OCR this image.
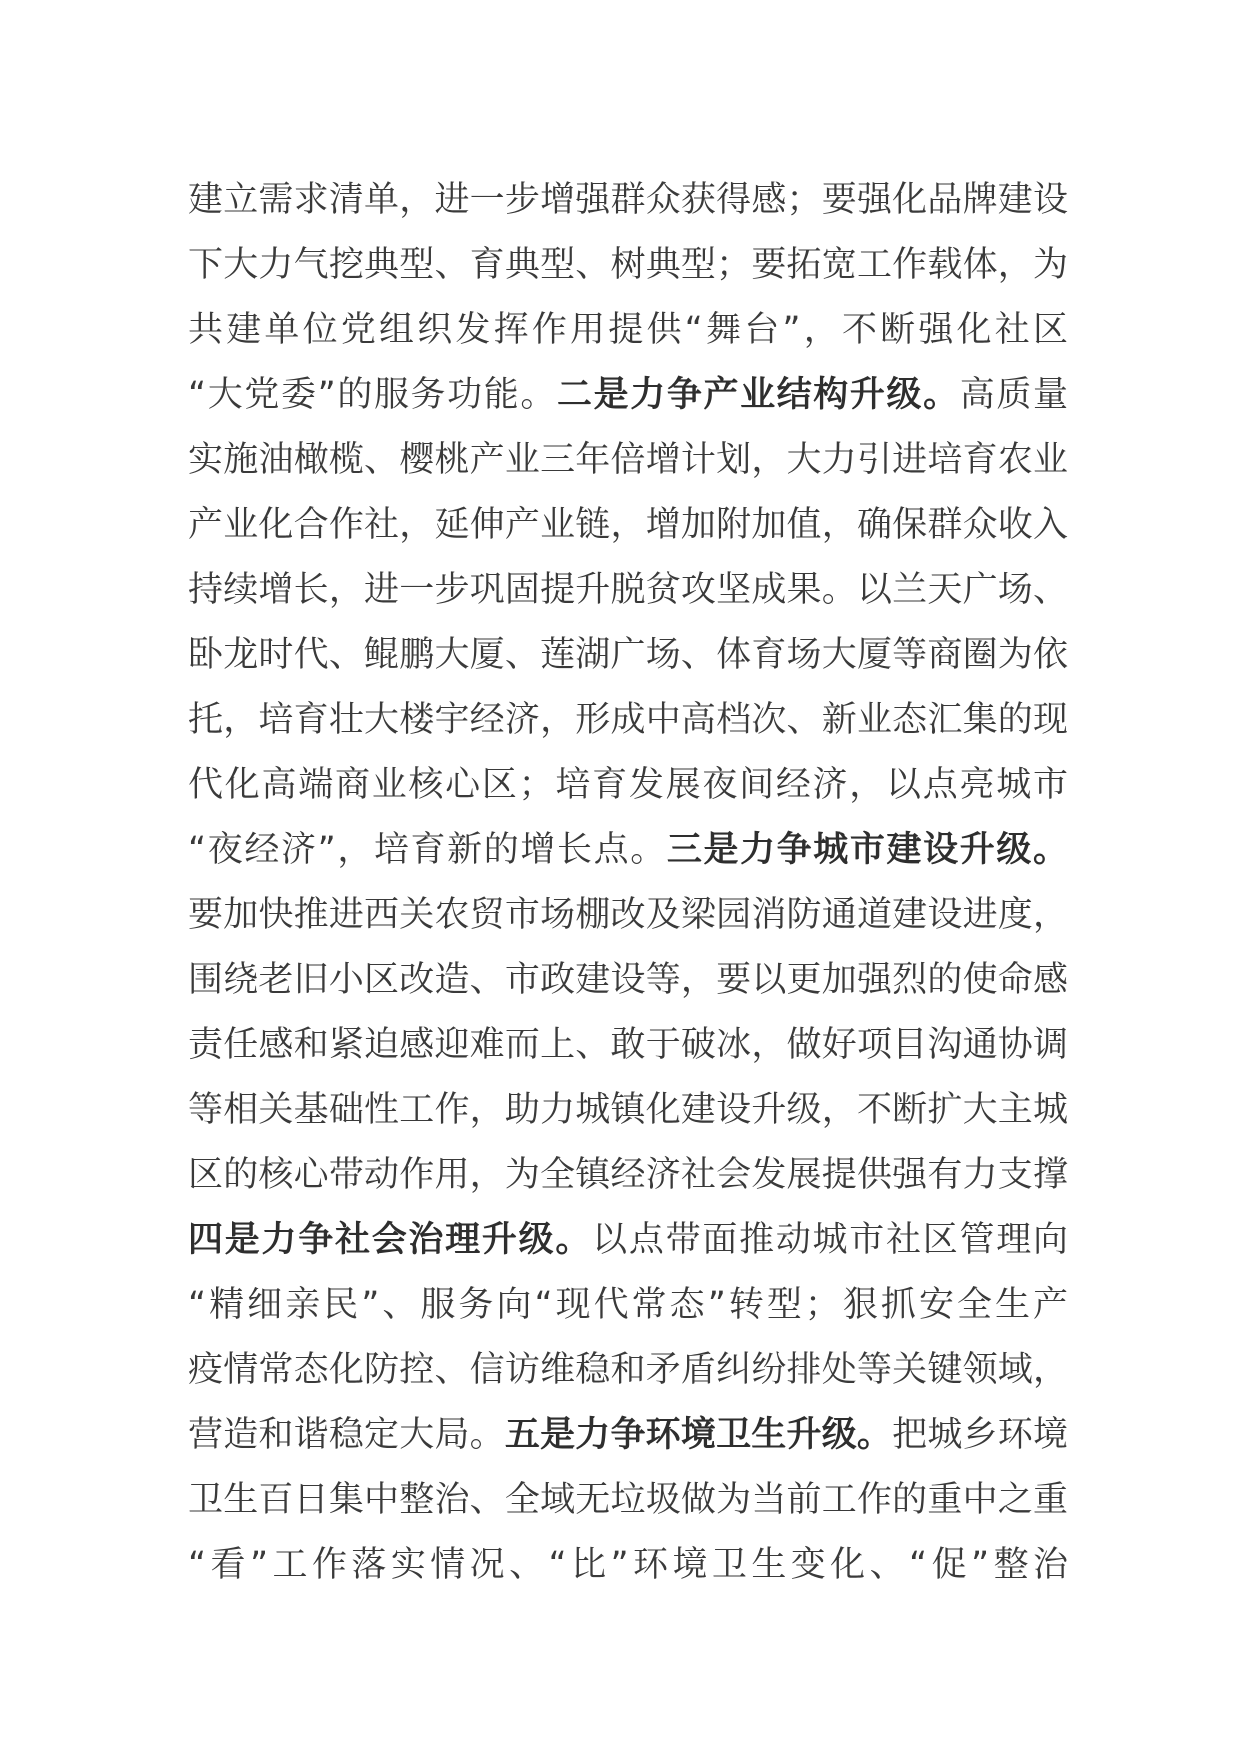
建立需求清单，进一步增强群众获得感；要强化品牌建设
下大力气挖典型、育典型、树典型；要拓宽工作载体，为
共建单位党组织发挥作用提供“舞台”，不断强化社区
“大党委”的服务功能。二是力争产业结构升级。高质量
实施油橄榄、樱桃产业三年倍增计划，大力引进培育农业
产业化合作社，延伸产业链，增加附加值，确保群众收入
持续增长，进一步巩固提升脱贫攻坚成果。以兰天广场、
卧龙时代、鲲鹏大厦、莲湖广场、体育场大厦等商圈为依
托，培育壮大楼宇经济，形成中高档次、新业态汇集的现
代化高端商业核心区；培育发展夜间经济，以点亮城市
“夜经济”，培育新的增长点。三是力争城市建设升级。
要加快推进西关农贸市场棚改及梁园消防通道建设进度，
围绕老旧小区改造、市政建设等，要以更加强烈的使命感
责任感和紧迫感迎难而上、敢于破冰，做好项目沟通协调
等相关基础性工作，助力城镇化建设升级，不断扩大主城
区的核心带动作用，为全镇经济社会发展提供强有力支撑
四是力争社会治理升级。以点带面推动城市社区管理向
“精细亲民”、服务向“现代常态”转型；狠抓安全生产
疫情常态化防控、信访维稳和矛盾纠纷排处等关键领域，
营造和谐稳定大局。五是力争环境卫生升级。把城乡环境
卫生百日集中整治、全域无垃圾做为当前工作的重中之重
“看”工作落实情况、“比”环境卫生变化、“促”整治
